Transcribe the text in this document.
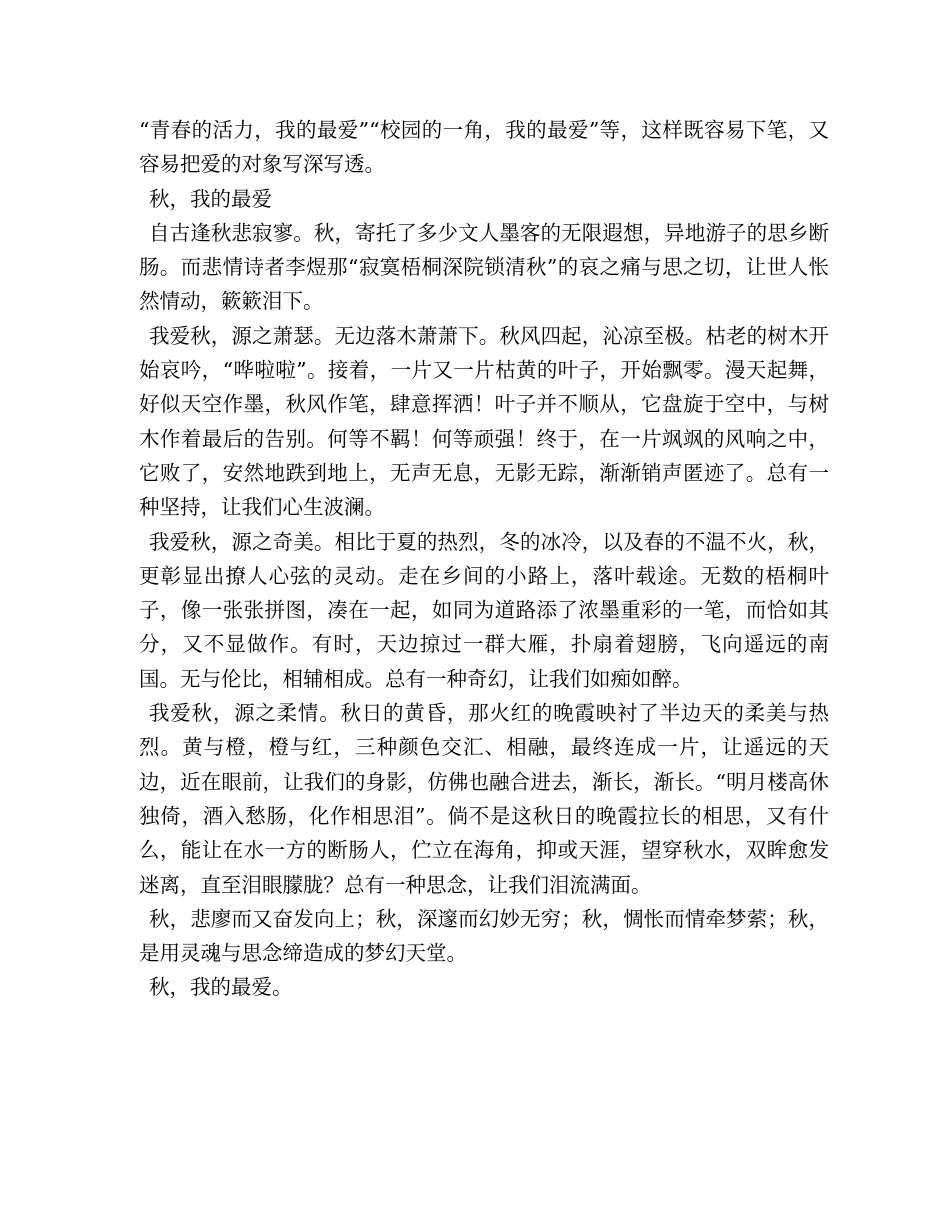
“青春的活力，我的最爱”“校园的一角，我的最爱”等，这样既容易下笔，又容易把爱的对象写深写透。

秋，我的最爱

自古逢秋悲寂寥。秋，寄托了多少文人墨客的无限遐想，异地游子的思乡断肠。而悲情诗者李煜那“寂寞梧桐深院锁清秋”的哀之痛与思之切，让世人怅然情动，簌簌泪下。

我爱秋，源之萧瑟。无边落木萧萧下。秋风四起，沁凉至极。枯老的树木开始哀吟，“哗啦啦”。接着，一片又一片枯黄的叶子，开始飘零。漫天起舞，好似天空作墨，秋风作笔，肆意挥洒！叶子并不顺从，它盘旋于空中，与树木作着最后的告别。何等不羁！何等顽强！终于，在一片飒飒的风响之中，它败了，安然地跌到地上，无声无息，无影无踪，渐渐销声匿迹了。总有一种坚持，让我们心生波澜。

我爱秋，源之奇美。相比于夏的热烈，冬的冰冷，以及春的不温不火，秋，更彰显出撩人心弦的灵动。走在乡间的小路上，落叶载途。无数的梧桐叶子，像一张张拼图，凑在一起，如同为道路添了浓墨重彩的一笔，而恰如其分，又不显做作。有时，天边掠过一群大雁，扑扇着翅膀，飞向遥远的南国。无与伦比，相辅相成。总有一种奇幻，让我们如痴如醉。

我爱秋，源之柔情。秋日的黄昏，那火红的晚霞映衬了半边天的柔美与热烈。黄与橙，橙与红，三种颜色交汇、相融，最终连成一片，让遥远的天边，近在眼前，让我们的身影，仿佛也融合进去，渐长，渐长。“明月楼高休独倚，酒入愁肠，化作相思泪”。倘不是这秋日的晚霞拉长的相思，又有什么，能让在水一方的断肠人，伫立在海角，抑或天涯，望穿秋水，双眸愈发迷离，直至泪眼朦胧？总有一种思念，让我们泪流满面。

秋，悲廖而又奋发向上；秋，深邃而幻妙无穷；秋，惆怅而情牵梦萦；秋，是用灵魂与思念缔造成的梦幻天堂。

秋，我的最爱。
